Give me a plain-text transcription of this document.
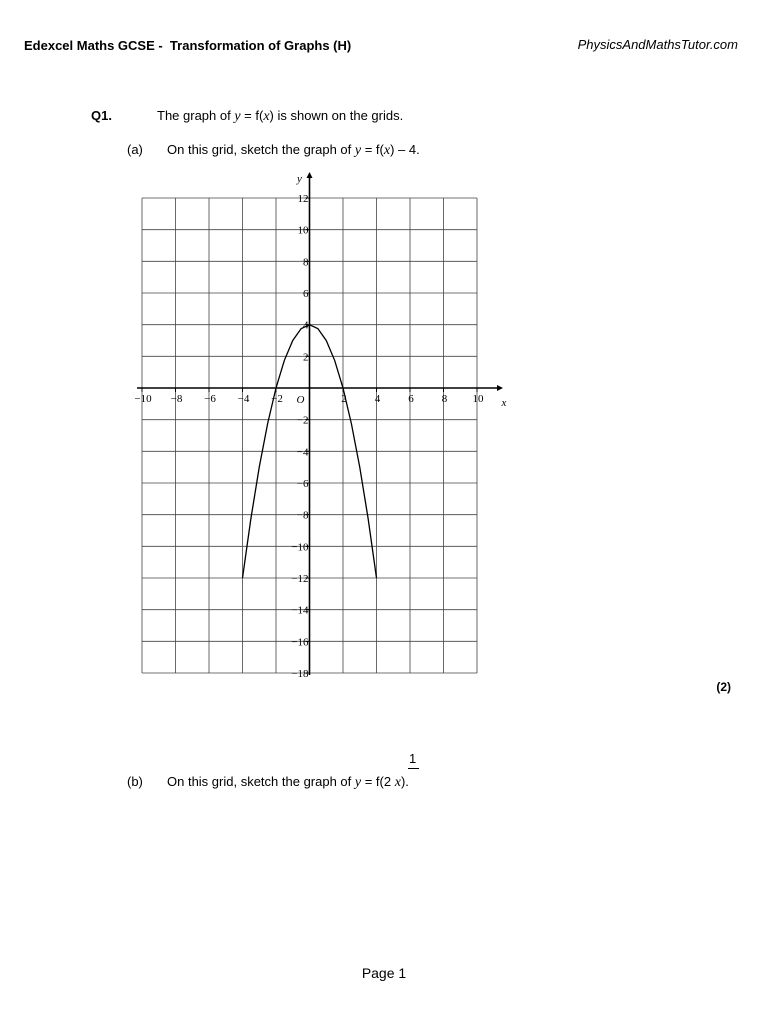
Edexcel Maths GCSE -  Transformation of Graphs (H)	PhysicsAndMathsTutor.com
Q1.	The graph of y = f(x) is shown on the grids.
(a) On this grid, sketch the graph of y = f(x) – 4.
−10 −8 −6 −4 −2	2	4	6	8 10
12
10
8
6
4
2
−2
−4
−6
−8
−10
−12
−14
−16
−18
x
y
O
(2)
(b)
1
On this grid, sketch the graph of y = f(2 x).
Page 1
